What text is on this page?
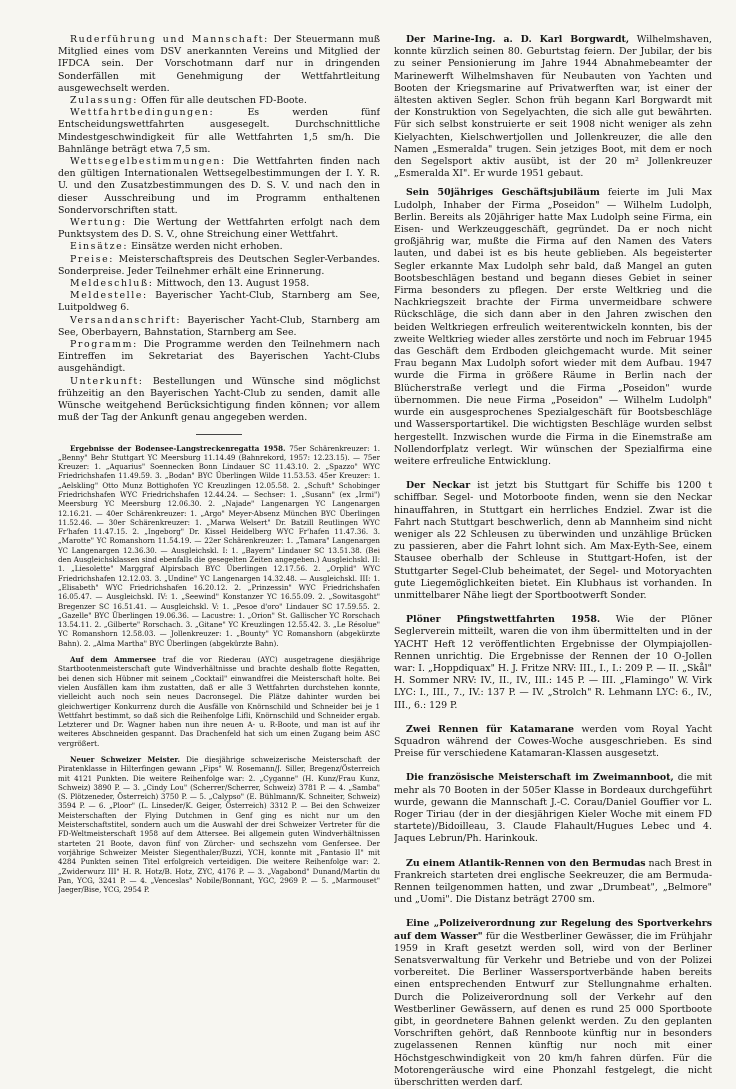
Ruderführung und Mannschaft: Der Steuermann muß Mitglied eines vom DSV anerkannten Vereins und Mitglied der IFDCA sein. Der Vorschotmann darf nur in dringenden Sonderfällen mit Genehmigung der Wettfahrtleitung ausgewechselt werden.

Zulassung: Offen für alle deutschen FD-Boote.

Wettfahrtbedingungen:	Es werden fünf Entscheidungswettfahrten ausgesegelt. Durchschnittliche Mindestgeschwindigkeit für alle Wettfahrten 1,5 sm/h. Die Bahnlänge beträgt etwa 7,5 sm.

Wettsegelbestimmungen: Die Wettfahrten finden nach den gültigen Internationalen Wettsegelbestimmungen der I. Y. R. U. und den Zusatzbestimmungen des D. S. V. und nach den in dieser Ausschreibung und im Programm enthaltenen Sondervorschriften statt.

Wertung: Die Wertung der Wettfahrten erfolgt nach dem Punktsystem des D. S. V., ohne Streichung einer Wettfahrt.

Einsätze: Einsätze werden nicht erhoben.

Preise: Meisterschaftspreis des Deutschen Segler-Verbandes. Sonderpreise. Jeder Teilnehmer erhält eine Erinnerung.

Meldeschluß: Mittwoch, den 13. August 1958.

Meldestelle: Bayerischer Yacht-Club, Starnberg am See, Luitpoldweg 6.

Versandanschrift: Bayerischer Yacht-Club, Starnberg am See, Oberbayern, Bahnstation, Starnberg am See.

Programm: Die Programme werden den Teilnehmern nach Eintreffen im Sekretariat des Bayerischen Yacht-Clubs ausgehändigt.

Unterkunft: Bestellungen und Wünsche sind möglichst frühzeitig an den Bayerischen Yacht-Club zu senden, damit alle Wünsche weitgehend Berücksichtigung finden können; vor allem muß der Tag der Ankunft genau angegeben werden.

Ergebnisse der Bodensee-Langstreckenregatta 1958. 75er Schärenkreuzer: 1. „Benny" Behr Stuttgart YC Meersburg 11.14.49 (Bahnrekord, 1957: 12.23.15). — 75er Kreuzer: 1. „Aquarius" Soennecken Bonn Lindauer SC 11.43.10. 2. „Spazzo" WYC Friedrichshafen 11.49.59. 3. „Bodan" BYC Überlingen Wilde 11.53.53. 45er Kreuzer: 1. „Aelskling" Otto Munz Bottighofen YC Kreuzlingen 12.05.58. 2. „Schuft" Schobinger Friedrichshafen WYC Friedrichshafen 12.44.24. — Sechser: 1. „Susann" (ex „Irmi") Meersburg YC Meersburg 12.06.30. 2. „Najade" Langenargen YC Langenargen 12.16.21. — 40er Schärenkreuzer: 1. „Argo" Meyer-Absenz München BYC Überlingen 11.52.46. — 30er Schärenkreuzer: 1. „Marwa Welsert" Dr. Batzill Reutlingen WYC Fr'hafen 11.47.15. 2. „Ingeborg" Dr. Kissel Heidelberg WYC Fr'hafen 11.47.36. 3. „Marotte" YC Romanshorn 11.54.19. — 22er Schärenkreuzer: 1. „Tamara" Langenargen YC Langenargen 12.36.30. — Ausgleichskl. I: 1. „Bayern" Lindauer SC 13.51.38. (Bei den Ausgleichsklassen sind ebenfalls die gesegelten Zeiten angegeben.) Ausgleichskl. II: 1. „Liesolette" Marggraf Alpirsbach BYC Überlingen 12.17.56. 2. „Orplid" WYC Friedrichshafen 12.12.03. 3. „Undine" YC Langenargen 14.32.48. — Ausgleichskl. III: 1. „Elisabeth" WYC Friedrichshafen 16.20.12. 2. „Prinzessin" WYC Friedrichshafen 16.05.47. — Ausgleichskl. IV: 1. „Seewind" Konstanzer YC 16.55.09. 2. „Sowitasgoht" Bregenzer SC 16.51.41. — Ausgleichskl. V: 1. „Pesoe d'oro" Lindauer SC 17.59.55. 2. „Gazelle" BYC Überlingen 19.06.36. — Lacustre: 1. „Orion" St. Gallischer YC Rorschach 13.54.11. 2. „Gilberte" Rorschach. 3. „Gitane" YC Kreuzlingen 12.55.42. 3. „Le Résolue" YC Romanshorn 12.58.03. — Jollenkreuzer: 1. „Bounty" YC Romanshorn (abgekürzte Bahn). 2. „Alma Martha" BYC Überlingen (abgekürzte Bahn).

Auf dem Ammersee traf die vor Riederau (AYC) ausgetragene diesjährige Startbootenmeisterschaft gute Windverhältnisse und brachte deshalb flotte Regatten, bei denen sich Hübner mit seinem „Cocktail" einwandfrei die Meisterschaft holte. Bei vielen Ausfällen kam ihm zustatten, daß er alle 3 Wettfahrten durchstehen konnte, vielleicht auch noch sein neues Dacronsegel. Die Plätze dahinter wurden bei gleichwertiger Konkurrenz durch die Ausfälle von Knörnschild und Schneider bei je 1 Wettfahrt bestimmt, so daß sich die Reihenfolge Lifli, Knörnschild und Schneider ergab. Letzterer und Dr. Wagner haben nun ihre neuen A- u. R-Boote, und man ist auf ihr weiteres Abschneiden gespannt. Das Drachenfeld hat sich um einen Zugang beim ASC vergrößert.

Neuer Schweizer Meister. Die diesjährige schweizerische Meisterschaft der Piratenklasse in Hilterfingen gewann „Fips" W. Rosemann/J. Siller, Bregenz/Österreich mit 4121 Punkten. Die weitere Reihenfolge war: 2. „Cyganne" (H. Kunz/Frau Kunz, Schweiz) 3890 P. — 3. „Cindy Lou" (Scherrer/Scherrer, Schweiz) 3781 P. — 4. „Samba" (S. Plötzeneder, Österreich) 3750 P. — 5. „Calypso" (E. Bühlmann/K. Schneiter, Schweiz) 3594 P. — 6. „Ploor" (L. Linseder/K. Geiger, Österreich) 3312 P. — Bei den Schweizer Meisterschaften der Flying Dutchmen in Genf ging es nicht nur um den Meisterschaftstitel, sondern auch um die Auswahl der drei Schweizer Vertreter für die FD-Weltmeisterschaft 1958 auf dem Attersee. Bei allgemein guten Windverhältnissen starteten 21 Boote, davon fünf von Zürcher- und sechszehn vom Genfersee. Der vorjährige Schweizer Meister Siegenthaler/Buzzi, YCH, konnte mit „Fantasio II" mit 4284 Punkten seinen Titel erfolgreich verteidigen. Die weitere Reihenfolge war: 2. „Zwiderwurz III" H. R. Hotz/B. Hotz, ZYC, 4176 P. — 3. „Vagabond" Dunand/Martin du Pan, YCG, 3241 P. — 4. „Venceslas" Nobile/Bonnant, YGC, 2969 P. — 5. „Marmouset" Jaeger/Bise, YCG, 2954 P.

Der Marine-Ing. a. D. Karl Borgwardt, Wilhelmshaven, konnte kürzlich seinen 80. Geburtstag feiern. Der Jubilar, der bis zu seiner Pensionierung im Jahre 1944 Abnahmebeamter der Marinewerft Wilhelmshaven für Neubauten von Yachten und Booten der Kriegsmarine auf Privatwerften war, ist einer der ältesten aktiven Segler. Schon früh begann Karl Borgwardt mit der Konstruktion von Segelyachten, die sich alle gut bewährten. Für sich selbst konstruierte er seit 1908 nicht weniger als zehn Kielyachten, Kielschwertjollen und Jollenkreuzer, die alle den Namen „Esmeralda" trugen. Sein jetziges Boot, mit dem er noch den Segelsport aktiv ausübt, ist der 20 m² Jollenkreuzer „Esmeralda XI". Er wurde 1951 gebaut.

Sein 50jähriges Geschäftsjubiläum feierte im Juli Max Ludolph, Inhaber der Firma „Poseidon" — Wilhelm Ludolph, Berlin. Bereits als 20jähriger hatte Max Ludolph seine Firma, ein Eisen- und Werkzeuggeschäft, gegründet. Da er noch nicht großjährig war, mußte die Firma auf den Namen des Vaters lauten, und dabei ist es bis heute geblieben. Als begeisterter Segler erkannte Max Ludolph sehr bald, daß Mangel an guten Bootsbeschlägen bestand und begann dieses Gebiet in seiner Firma besonders zu pflegen. Der erste Weltkrieg und die Nachkriegszeit brachte der Firma unvermeidbare schwere Rückschläge, die sich dann aber in den Jahren zwischen den beiden Weltkriegen erfreulich weiterentwickeln konnten, bis der zweite Weltkrieg wieder alles zerstörte und noch im Februar 1945 das Geschäft dem Erdboden gleichgemacht wurde. Mit seiner Frau begann Max Ludolph sofort wieder mit dem Aufbau. 1947 wurde die Firma in größere Räume in Berlin nach der Blücherstraße verlegt und die Firma „Poseidon" wurde übernommen. Die neue Firma „Poseidon" — Wilhelm Ludolph" wurde ein ausgesprochenes Spezialgeschäft für Bootsbeschläge und Wassersportartikel. Die wichtigsten Beschläge wurden selbst hergestellt. Inzwischen wurde die Firma in die Einemstraße am Nollendorfplatz verlegt. Wir wünschen der Spezialfirma eine weitere erfreuliche Entwicklung.

Der Neckar ist jetzt bis Stuttgart für Schiffe bis 1200 t schiffbar. Segel- und Motorboote finden, wenn sie den Neckar hinauffahren, in Stuttgart ein herrliches Endziel. Zwar ist die Fahrt nach Stuttgart beschwerlich, denn ab Mannheim sind nicht weniger als 22 Schleusen zu überwinden und unzählige Brücken zu passieren, aber die Fahrt lohnt sich. Am Max-Eyth-See, einem Stausee oberhalb der Schleuse in Stuttgart-Hofen, ist der Stuttgarter Segel-Club beheimatet, der Segel- und Motoryachten gute Liegemöglichkeiten bietet. Ein Klubhaus ist vorhanden. In unmittelbarer Nähe liegt der Sportbootwerft Sonder.

Plöner Pfingstwettfahrten 1958. Wie der Plöner Seglerverein mitteilt, waren die von ihm übermittelten und in der YACHT Heft 12 veröffentlichten Ergebnisse der Olympiajollen-Rennen unrichtig. Die Ergebnisse der Rennen der 10 O-Jollen war: I. „Hoppdiquax" H. J. Fritze NRV: III., I., I.: 209 P. — II. „Skål" H. Sommer NRV: IV., II., IV., III.: 145 P. — III. „Flamingo" W. Virk LYC: I., III., 7., IV.: 137 P. — IV. „Strolch" R. Lehmann LYC: 6., IV., III., 6.: 129 P.

Zwei Rennen für Katamarane werden vom Royal Yacht Squadron während der Cowes-Woche ausgeschrieben. Es sind Preise für verschiedene Katamaran-Klassen ausgesetzt.

Die französische Meisterschaft im Zweimannboot, die mit mehr als 70 Booten in der 505er Klasse in Bordeaux durchgeführt wurde, gewann die Mannschaft J.-C. Corau/Daniel Gouffier vor L. Roger Tiriau (der in der diesjährigen Kieler Woche mit einem FD startete)/Bidoilleau, 3. Claude Flahault/Hugues Lebec und 4. Jaques Lebrun/Ph. Harinkouk.

Zu einem Atlantik-Rennen von den Bermudas nach Brest in Frankreich starteten drei englische Seekreuzer, die am Bermuda-Rennen teilgenommen hatten, und zwar „Drumbeat", „Belmore" und „Uomi". Die Distanz beträgt 2700 sm.

Eine „Polizeiverordnung zur Regelung des Sportverkehrs auf dem Wasser" für die Westberliner Gewässer, die im Frühjahr 1959 in Kraft gesetzt werden soll, wird von der Berliner Senatsverwaltung für Verkehr und Betriebe und von der Polizei vorbereitet. Die Berliner Wassersportverbände haben bereits einen entsprechenden Entwurf zur Stellungnahme erhalten. Durch die Polizeiverordnung soll der Verkehr auf den Westberliner Gewässern, auf denen es rund 25 000 Sportboote gibt, in geordnetere Bahnen gelenkt werden. Zu den geplanten Vorschriften gehört, daß Rennboote künftig nur in besonders zugelassenen Rennen künftig nur noch mit einer Höchstgeschwindigkeit von 20 km/h fahren dürfen. Für die Motorengeräusche wird eine Phonzahl festgelegt, die nicht überschritten werden darf.
